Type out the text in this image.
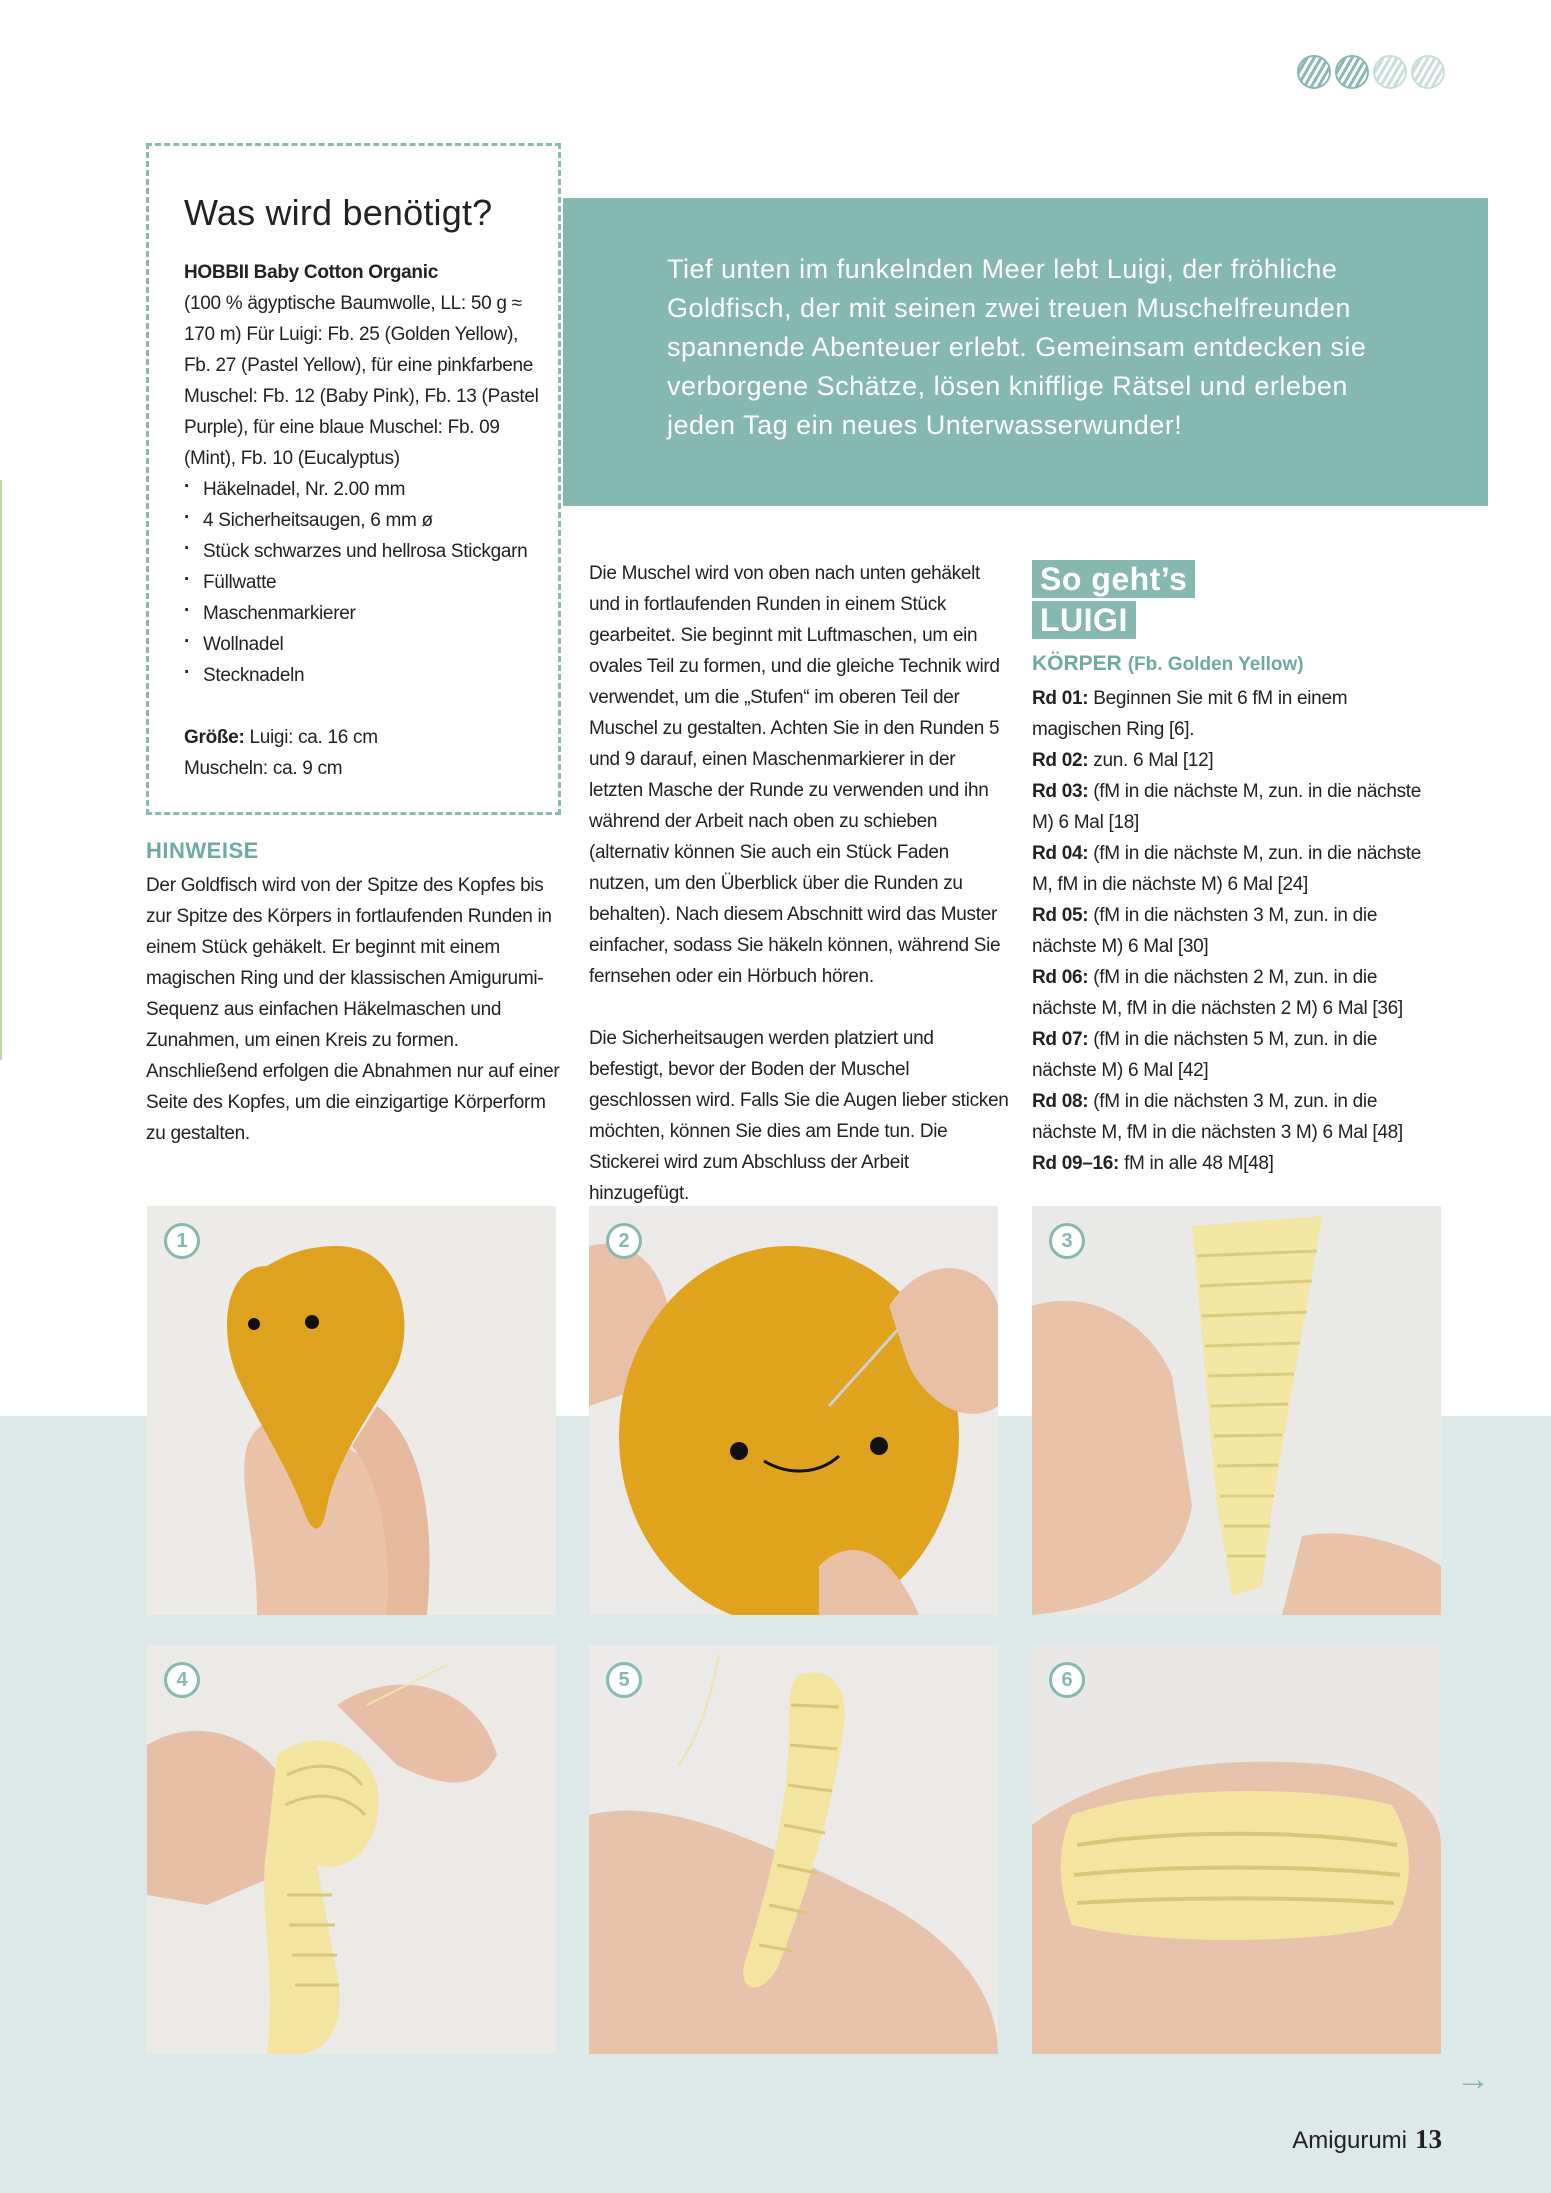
Was wird benötigt?
HOBBII Baby Cotton Organic
(100 % ägyptische Baumwolle, LL: 50 g ≈ 170 m) Für Luigi: Fb. 25 (Golden Yellow), Fb. 27 (Pastel Yellow), für eine pinkfarbene Muschel: Fb. 12 (Baby Pink), Fb. 13 (Pastel Purple), für eine blaue Muschel: Fb. 09 (Mint), Fb. 10 (Eucalyptus)
· Häkelnadel, Nr. 2.00 mm
· 4 Sicherheitsaugen, 6 mm ø
· Stück schwarzes und hellrosa Stickgarn
· Füllwatte
· Maschenmarkierer
· Wollnadel
· Stecknadeln
Größe: Luigi: ca. 16 cm
Muscheln: ca. 9 cm
Tief unten im funkelnden Meer lebt Luigi, der fröhliche Goldfisch, der mit seinen zwei treuen Muschelfreunden spannende Abenteuer erlebt. Gemeinsam entdecken sie verborgene Schätze, lösen knifflige Rätsel und erleben jeden Tag ein neues Unterwasserwunder!
HINWEISE
Der Goldfisch wird von der Spitze des Kopfes bis zur Spitze des Körpers in fortlaufenden Runden in einem Stück gehäkelt. Er beginnt mit einem magischen Ring und der klassischen Amigurumi-Sequenz aus einfachen Häkelmaschen und Zunahmen, um einen Kreis zu formen. Anschließend erfolgen die Abnahmen nur auf einer Seite des Kopfes, um die einzigartige Körperform zu gestalten.

Die Muschel wird von oben nach unten gehäkelt und in fortlaufenden Runden in einem Stück gearbeitet. Sie beginnt mit Luftmaschen, um ein ovales Teil zu formen, und die gleiche Technik wird verwendet, um die „Stufen“ im oberen Teil der Muschel zu gestalten. Achten Sie in den Runden 5 und 9 darauf, einen Maschenmarkierer in der letzten Masche der Runde zu verwenden und ihn während der Arbeit nach oben zu schieben (alternativ können Sie auch ein Stück Faden nutzen, um den Überblick über die Runden zu behalten). Nach diesem Abschnitt wird das Muster einfacher, sodass Sie häkeln können, während Sie fernsehen oder ein Hörbuch hören.

Die Sicherheitsaugen werden platziert und befestigt, bevor der Boden der Muschel geschlossen wird. Falls Sie die Augen lieber sticken möchten, können Sie dies am Ende tun. Die Stickerei wird zum Abschluss der Arbeit hinzugefügt.

So geht’s
LUIGI
KÖRPER (Fb. Golden Yellow)
Rd 01: Beginnen Sie mit 6 fM in einem magischen Ring [6].
Rd 02: zun. 6 Mal [12]
Rd 03: (fM in die nächste M, zun. in die nächste M) 6 Mal [18]
Rd 04: (fM in die nächste M, zun. in die nächste M, fM in die nächste M) 6 Mal [24]
Rd 05: (fM in die nächsten 3 M, zun. in die nächste M) 6 Mal [30]
Rd 06: (fM in die nächsten 2 M, zun. in die nächste M, fM in die nächsten 2 M) 6 Mal [36]
Rd 07: (fM in die nächsten 5 M, zun. in die nächste M) 6 Mal [42]
Rd 08: (fM in die nächsten 3 M, zun. in die nächste M, fM in die nächsten 3 M) 6 Mal [48]
Rd 09–16: fM in alle 48 M[48]
1	2	3
4	5	6
→
Amigurumi 13
